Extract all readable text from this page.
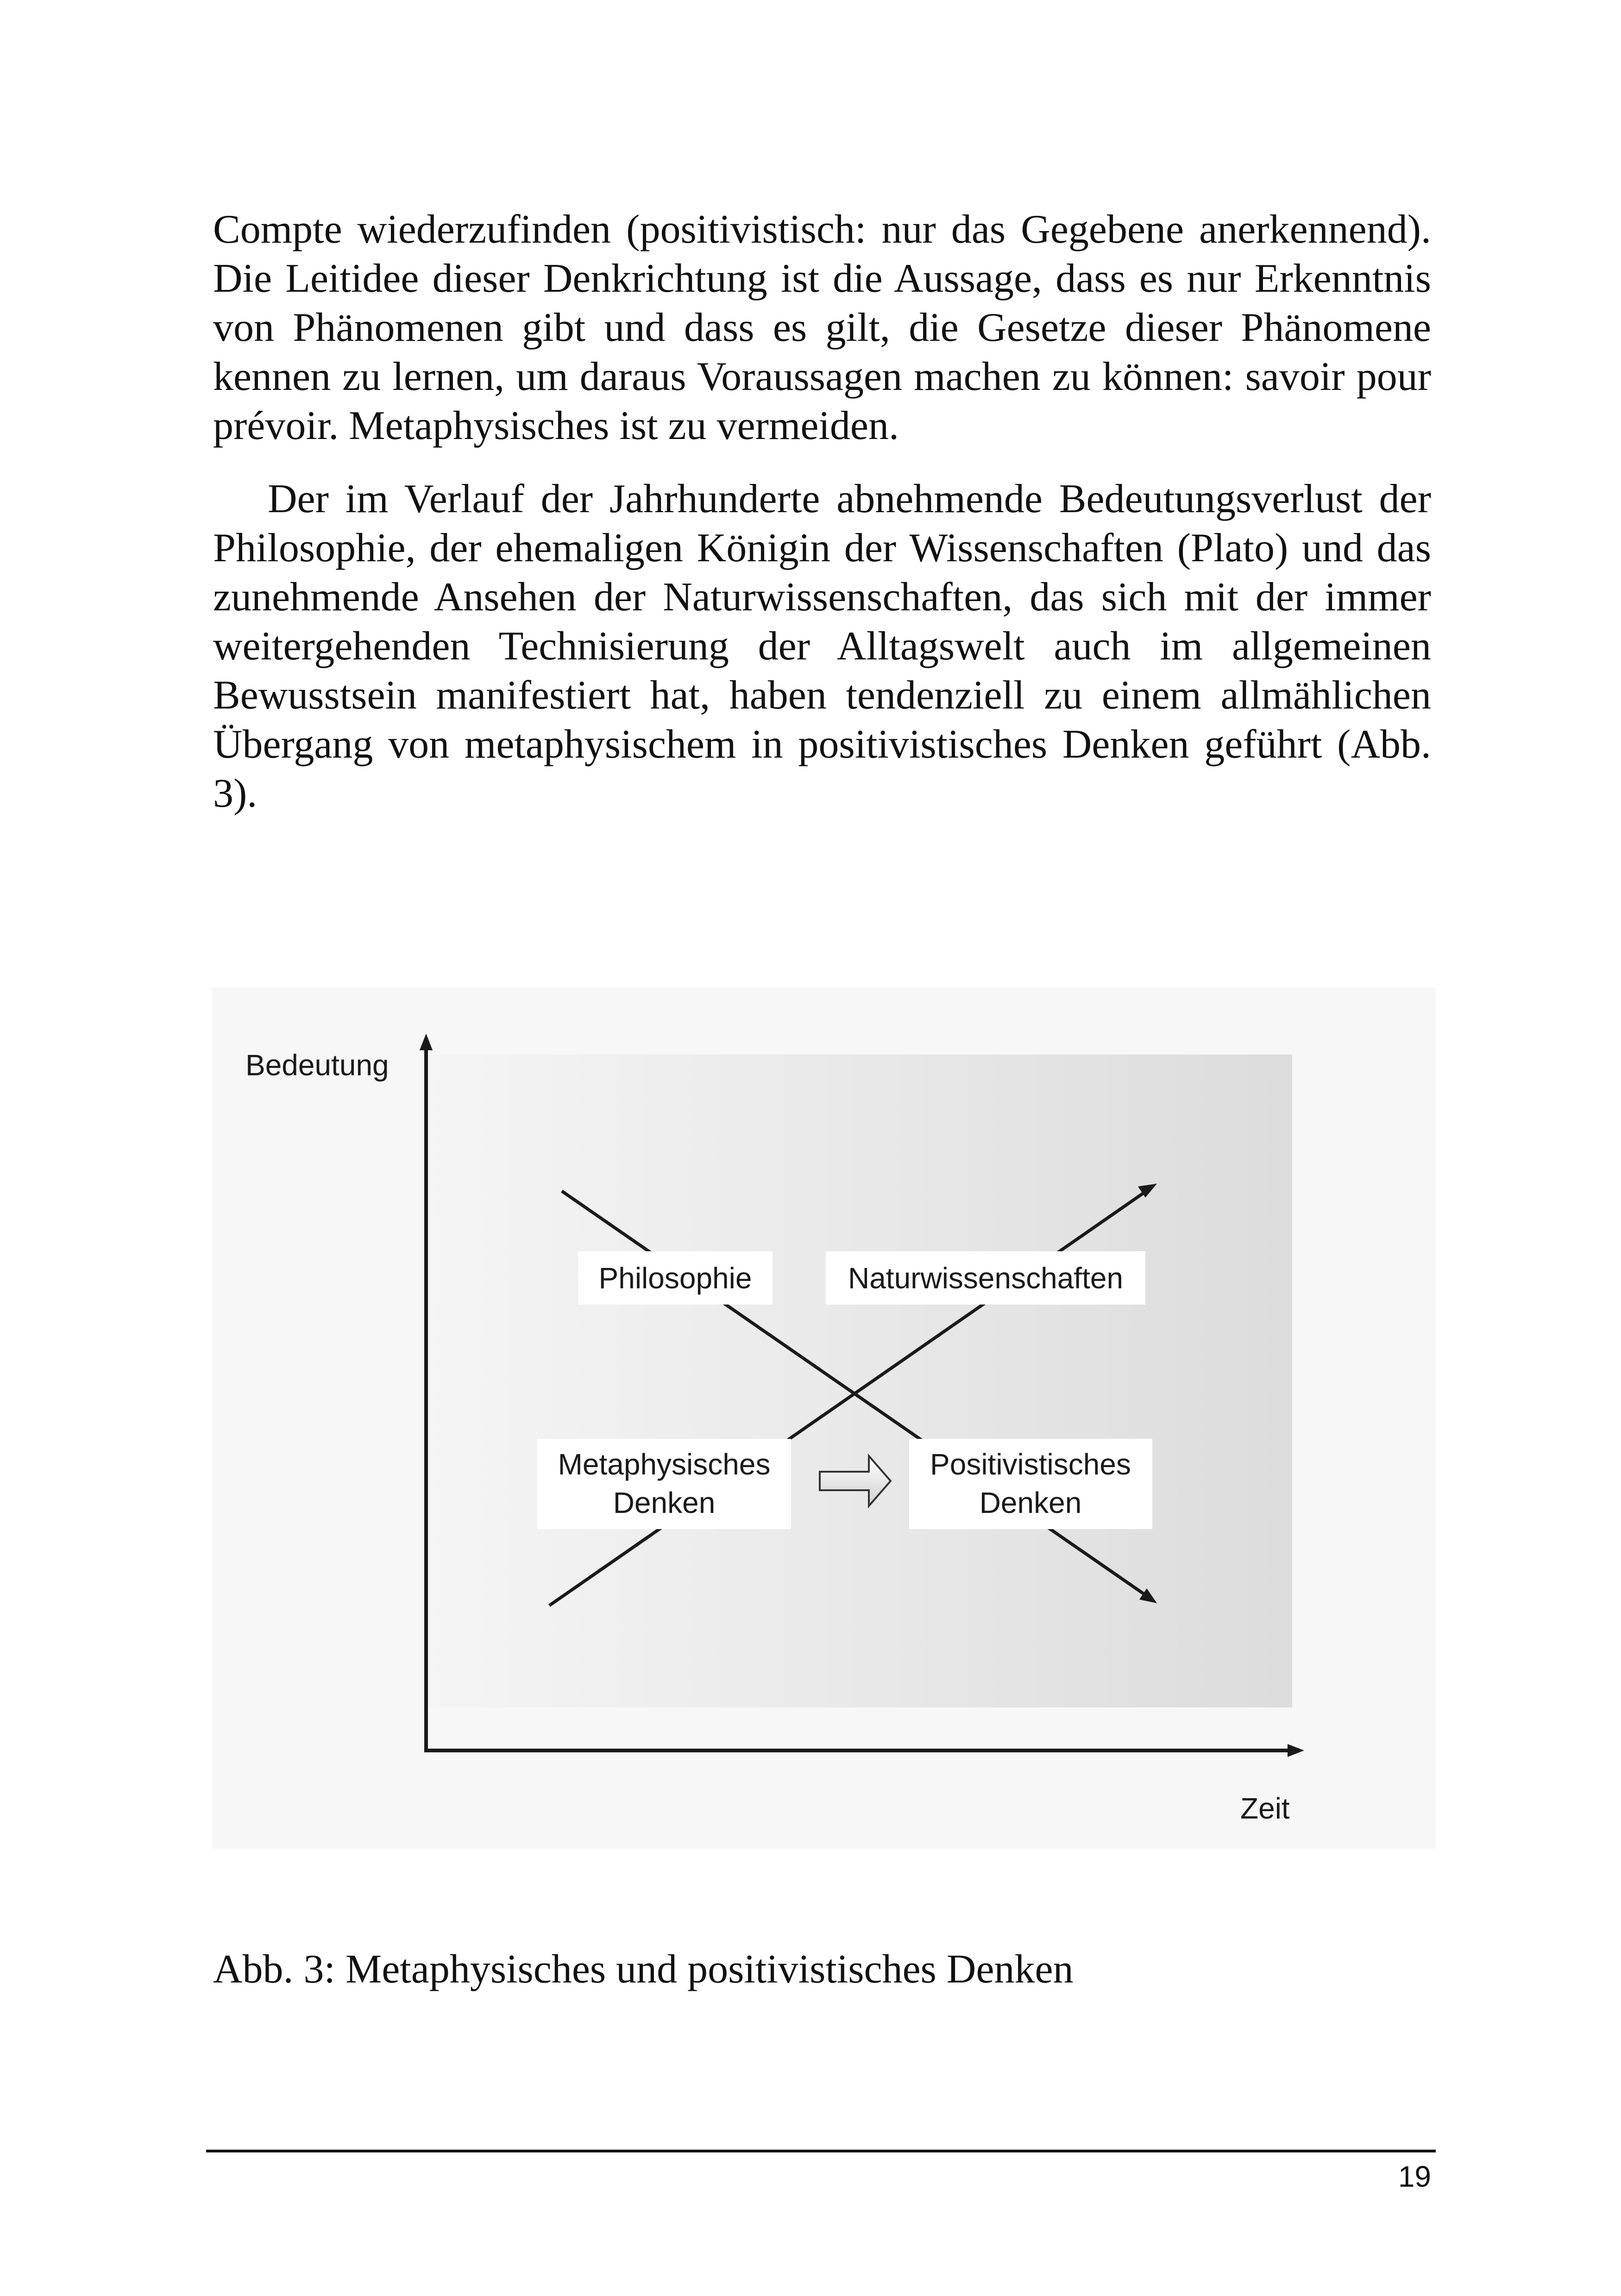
Compte wiederzufinden (positivistisch: nur das Gegebene anerkennend). Die Leitidee dieser Denkrichtung ist die Aussage, dass es nur Erkenntnis von Phänomenen gibt und dass es gilt, die Gesetze dieser Phänomene kennen zu lernen, um daraus Voraussagen machen zu können: savoir pour prévoir. Metaphysisches ist zu vermeiden.

Der im Verlauf der Jahrhunderte abnehmende Bedeutungsverlust der Philosophie, der ehemaligen Königin der Wissenschaften (Plato) und das zunehmende Ansehen der Naturwissenschaften, das sich mit der immer weitergehenden Technisierung der Alltagswelt auch im allgemeinen Bewusstsein manifestiert hat, haben tendenziell zu einem allmählichen Übergang von metaphysischem in positivistisches Denken geführt (Abb. 3).

Bedeutung
Zeit
Philosophie	Naturwissenschaften
Metaphysisches
Denken
Positivistisches
Denken
Abb. 3: Metaphysisches und positivistisches Denken
19
